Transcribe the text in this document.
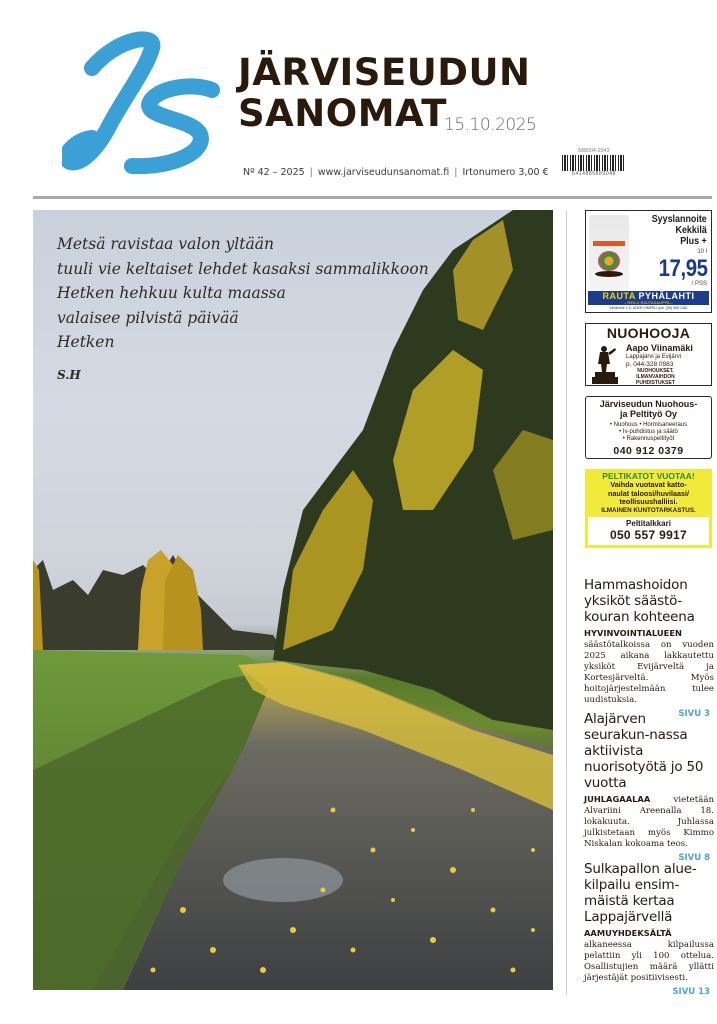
JÄRVISEUDUN
SANOMAT
15.10.2025
Nº 42 – 2025 | www.jarviseudunsanomat.fi | Irtonumero 3,00 €
588004-2942
6414885880048
Metsä ravistaa valon yltään
tuuli vie keltaiset lehdet kasaksi sammalikkoon
Hetken hehkuu kulta maassa
valaisee pilvistä päivää
Hetken
S.H
Syyslannoite
Kekkilä
Plus +
10 l
17,95
/ PSS
RAUTA PYHÄLAHTI
– REILU RAUTAKAUPPA –
Vävärintie 1 A, 62600 VIMPELI puh. (06) 565 1461
NUOHOOJA
Aapo Viinamäki
Lappajärvi ja Evijärvi
p. 044-328 0983
NUOHOUKSET,
ILMANVAIHDON
PUHDISTUKSET
Järviseudun Nuohous-
ja Peltityö Oy
• Nuohous • Hormisaneeraus
• Iv-puhdistus ja säätö
• Rakennuspeltityöt
040 912 0379
PELTIKATOT VUOTAA!
Vaihda vuotavat katto-
naulat taloosi/huvilaasi/
teollisuushalliisi.
ILMAINEN KUNTOTARKASTUS.
Peltitalkkari
050 557 9917
Hammashoidon yksiköt säästö-kouran kohteena
HYVINVOINTIALUEEN säästötalkoissa on vuoden 2025 aikana lakkautettu yksiköt Evijärveltä ja Kortesjärveltä. Myös hoitojärjestelmään tulee uudistuksia.
SIVU 3
Alajärven seurakun-nassa aktiivista nuorisotyötä jo 50 vuotta
JUHLAGAALAA vietetään Alvariini Areenalla 18. lokakuuta. Juhlassa julkistetaan myös Kimmo Niskalan kokoama teos.
SIVU 8
Sulkapallon alue-kilpailu ensim-mäistä kertaa Lappajärvellä
AAMUYHDEKSÄLTÄ alkaneessa kilpailussa pelattiin yli 100 ottelua. Osallistujien määrä yllätti järjestäjät positiivisesti.
SIVU 13
